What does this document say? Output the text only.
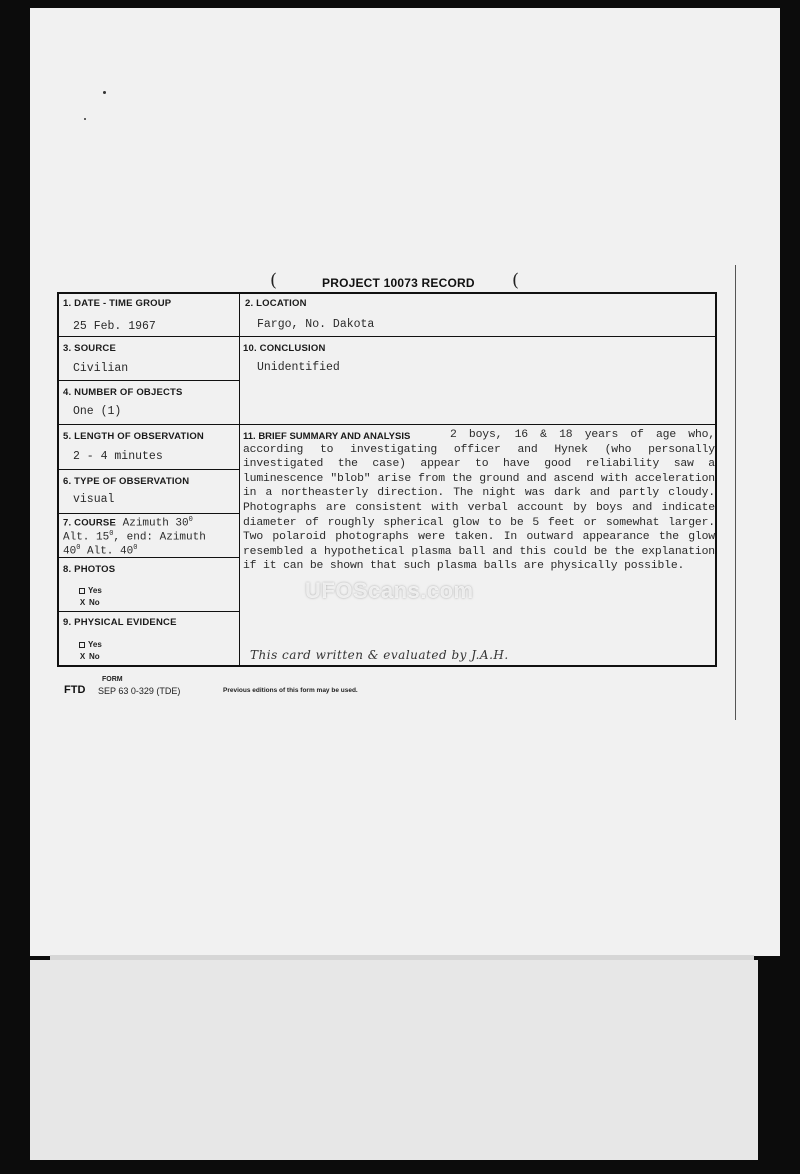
(	PROJECT 10073 RECORD (
1. DATE - TIME GROUP
25 Feb. 1967
2. LOCATION
Fargo, No. Dakota
3. SOURCE
Civilian
10. CONCLUSION
Unidentified
4. NUMBER OF OBJECTS
One (1)
5. LENGTH OF OBSERVATION
2 - 4 minutes
6. TYPE OF OBSERVATION
visual
7. COURSE Azimuth $30^0$
Alt. $15^0$, end: Azimuth
$40^0$ Alt. $40^0$
8. PHOTOS
Yes
X No
9. PHYSICAL EVIDENCE
Yes
X No
11. BRIEF SUMMARY AND ANALYSIS	2 boys, 16 & 18 years of age who, according to investigating officer and Hynek (who personally investigated the case) appear to have good reliability saw a luminescence "blob" arise from the ground and ascend with acceleration in a northeasterly direction. The night was dark and partly cloudy. Photographs are consistent with verbal account by boys and indicate diameter of roughly spherical glow to be 5 feet or somewhat larger. Two polaroid photographs were taken. In outward appearance the glow resembled a hypothetical plasma ball and this could be the explanation if it can be shown that such plasma balls are physically possible.
This card written & evaluated by J.A.H.
UFOScans.com
FORM
FTD SEP 63 0-329 (TDE)	Previous editions of this form may be used.
